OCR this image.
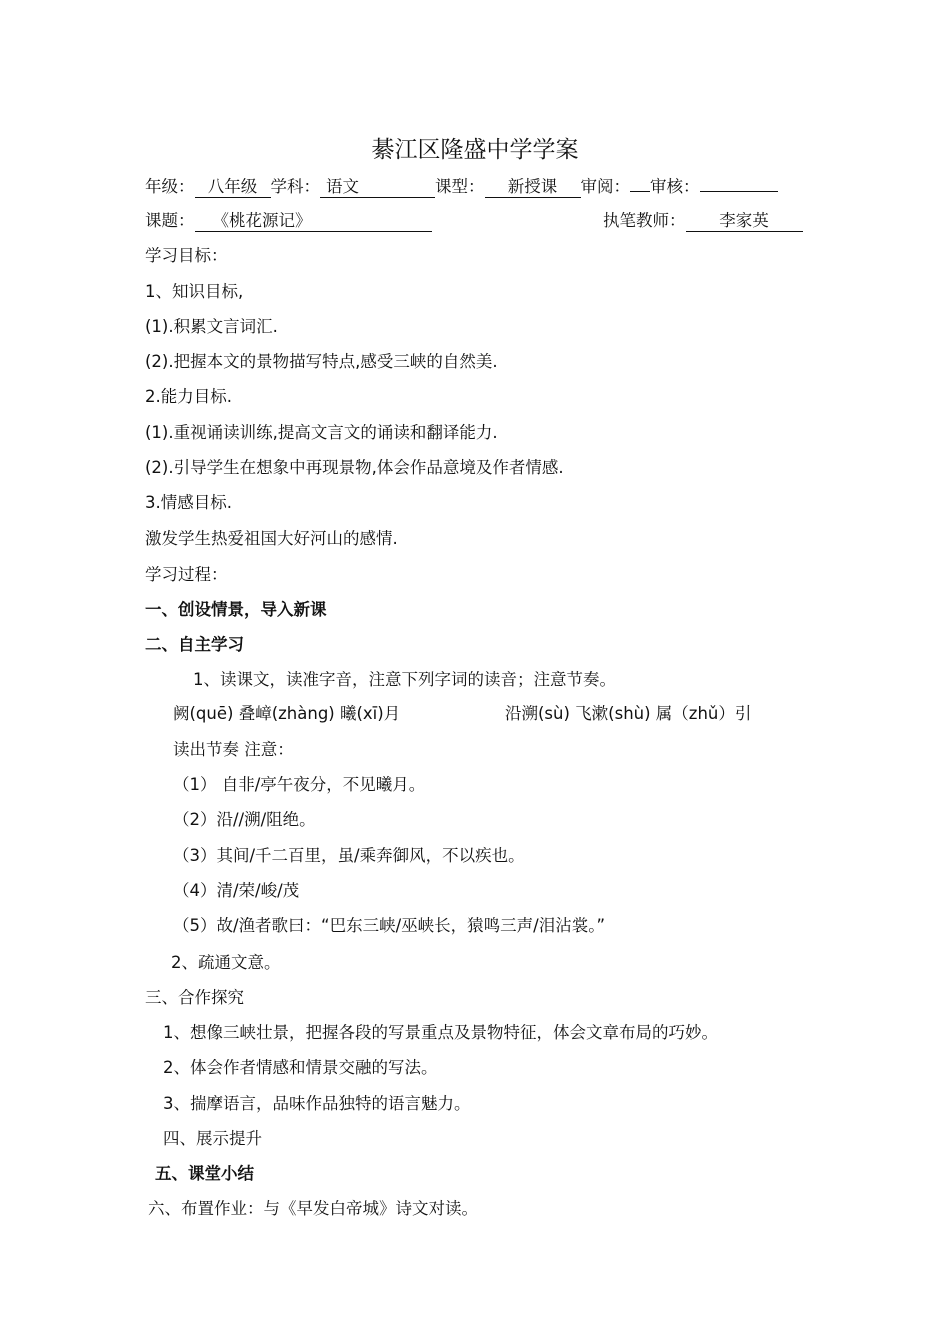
綦江区隆盛中学学案
年级： 八年级 学科： 语文	课型： 新授课 审阅： 审核：
课题： 《桃花源记》	执笔教师： 李家英
学习目标：
1、知识目标,
(1).积累文言词汇.
(2).把握本文的景物描写特点,感受三峡的自然美.
2.能力目标.
(1).重视诵读训练,提高文言文的诵读和翻译能力.
(2).引导学生在想象中再现景物,体会作品意境及作者情感.
3.情感目标.
激发学生热爱祖国大好河山的感情.
学习过程：
一、创设情景，导入新课
二、自主学习
1、读课文，读准字音，注意下列字词的读音；注意节奏。
阙(quē) 叠嶂(zhàng) 曦(xī)月	沿溯(sù) 飞漱(shù) 属（zhǔ）引
读出节奏 注意：
（1） 自非/亭午夜分，不见曦月。
（2）沿//溯/阻绝。
（3）其间/千二百里，虽/乘奔御风，不以疾也。
（4）清/荣/峻/茂
（5）故/渔者歌曰：“巴东三峡/巫峡长，猿鸣三声/泪沾裳。”
2、疏通文意。
三、合作探究
1、想像三峡壮景，把握各段的写景重点及景物特征，体会文章布局的巧妙。
2、体会作者情感和情景交融的写法。
3、揣摩语言，品味作品独特的语言魅力。
四、展示提升
五、课堂小结
六、布置作业：与《早发白帝城》诗文对读。
